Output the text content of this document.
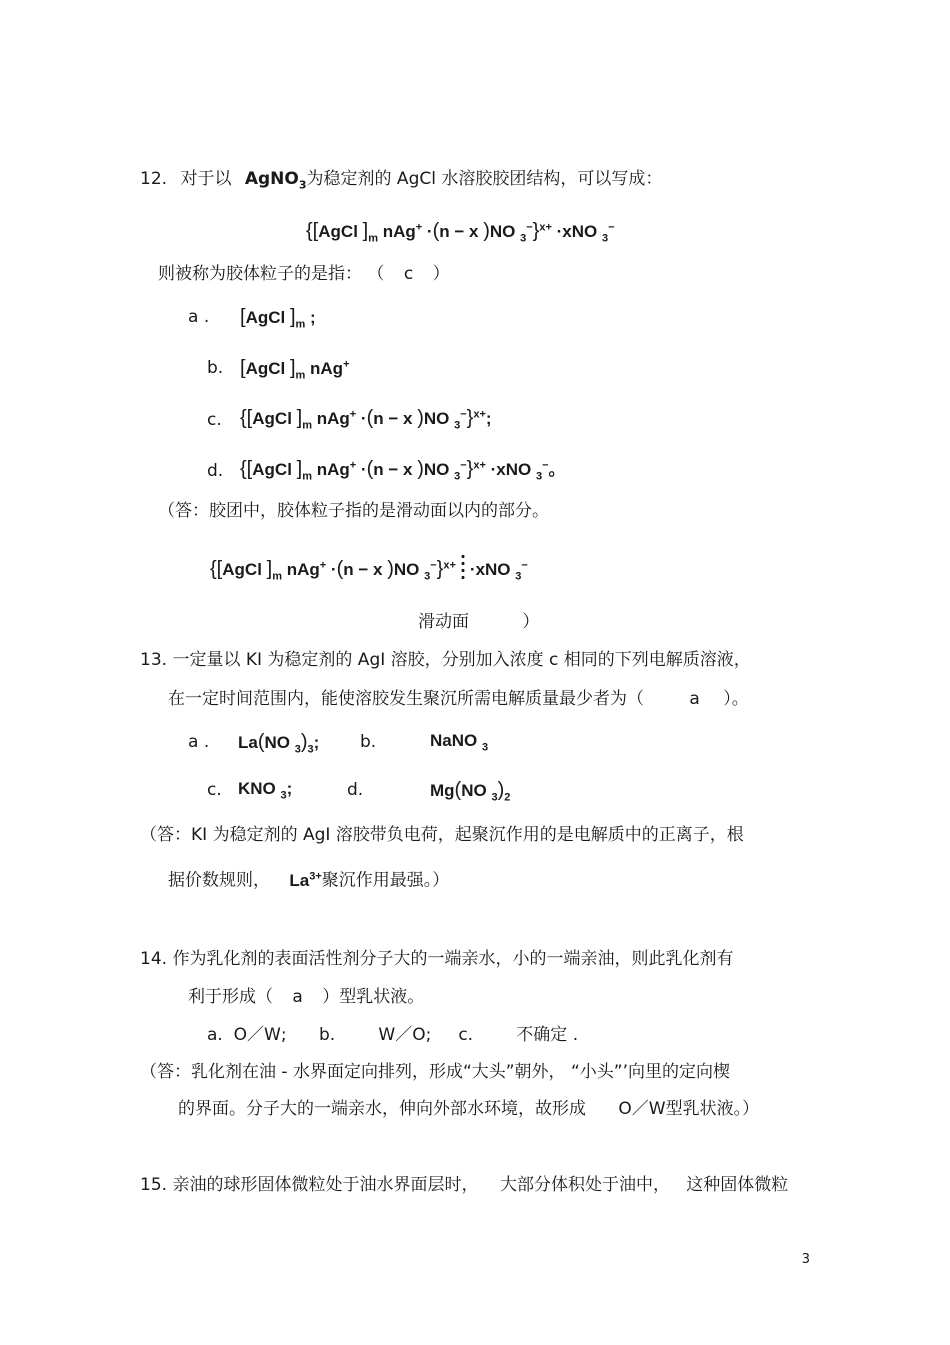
12. 对于以 AgNO$_3$为稳定剂的 AgCl 水溶胶胶团结构，可以写成：
{[AgCl ]$_m$ nAg+ ·(n − x )NO $_3$−}$^{x+}$ ·xNO $_3$−
则被称为胶体粒子的是指： （ c ）
a . [AgCl ]$_m$ ;
b. [AgCl ]$_m$ nAg+
c. {[AgCl ]$_m$ nAg+ ·(n − x )NO $_3$−}$^{x+}$;
d. {[AgCl ]$_m$ nAg+ ·(n − x )NO $_3$−}$^{x+}$ ·xNO $_3$−。
（答：胶团中，胶体粒子指的是滑动面以内的部分。
{[AgCl ]$_m$ nAg+ ·(n − x )NO $_3$−}$^{x+}$ ·xNO $_3$−
滑动面	）
13. 一定量以 KI 为稳定剂的 AgI 溶胶，分别加入浓度 c 相同的下列电解质溶液，
在一定时间范围内，能使溶胶发生聚沉所需电解质量最少者为（	a ）。
a . La(NO $_3)_3$; b.	NaNO $_3$
c. KNO $_3$;	d.	Mg(NO $_3)_2$
（答：KI 为稳定剂的 AgI 溶胶带负电荷，起聚沉作用的是电解质中的正离子，根
据价数规则， $La^{3+}$聚沉作用最强。）
14. 作为乳化剂的表面活性剂分子大的一端亲水，小的一端亲油，则此乳化剂有
利于形成（ a ）型乳状液。
a.  O／W;      b.        W／O;     c.        不确定 .
（答：乳化剂在油 - 水界面定向排列，形成“大头”朝外， “小头”’向里的定向楔
的界面。分子大的一端亲水，伸向外部水环境，故形成      O／W型乳状液。）
15. 亲油的球形固体微粒处于油水界面层时，    大部分体积处于油中，   这种固体微粒
3
